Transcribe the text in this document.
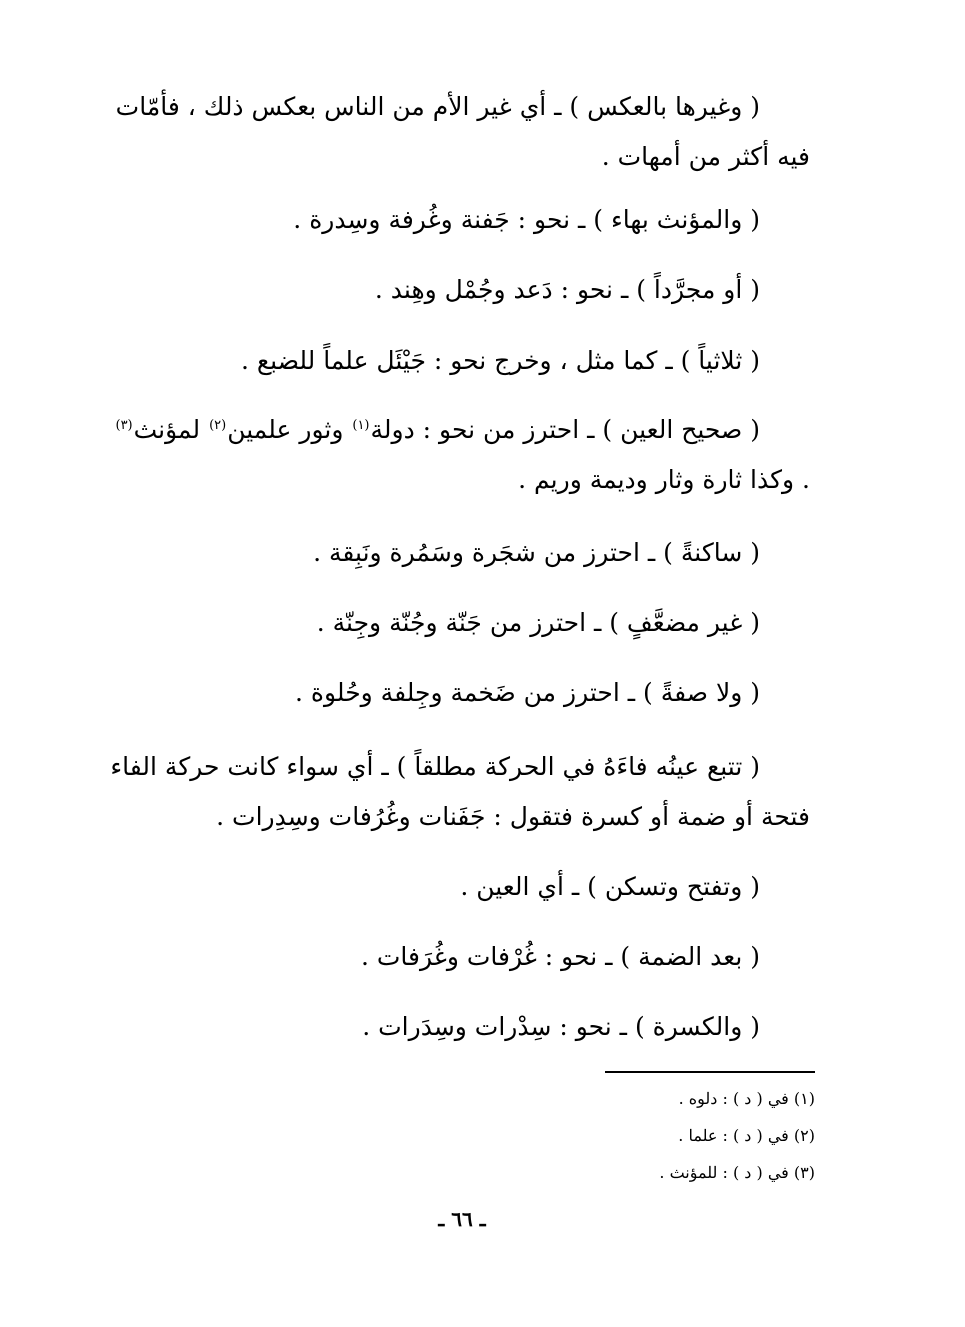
( وغيرها بالعكس ) ـ أي غير الأم من الناس بعكس ذلك ، فأمّات فيه أكثر من أمهات .

( والمؤنث بهاء ) ـ نحو : جَفنة وغُرفة وسِدرة .

( أو مجرَّداً ) ـ نحو : دَعد وجُمْل وهِند .

( ثلاثياً ) ـ كما مثل ، وخرج نحو : جَيْئَل علماً للضبع .

( صحيح العين ) ـ احترز من نحو : دولة$^{(١)}$ وثور علمين$^{(٢)}$ لمؤنث$^{(٣)}$ . وكذا ثارة وثار وديمة وريم .

( ساكنةً ) ـ احترز من شجَرة وسَمُرة ونَبِقة .

( غير مضعَّفٍ ) ـ احترز من جَنّة وجُنّة وجِنّة .

( ولا صفةً ) ـ احترز من ضَخمة وجِلفة وحُلوة .

( تتبع عينُه فاءَهُ في الحركة مطلقاً ) ـ أي سواء كانت حركة الفاء فتحة أو ضمة أو كسرة فتقول : جَفَنات وغُرُفات وسِدِرات .

( وتفتح وتسكن ) ـ أي العين .

( بعد الضمة ) ـ نحو : غُرْفات وغُرَفات .

( والكسرة ) ـ نحو : سِدْرات وسِدَرات .

(١) في ( د ) : دلوه .

(٢) في ( د ) : علما .

(٣) في ( د ) : للمؤنث .

ـ ٦٦ ـ
